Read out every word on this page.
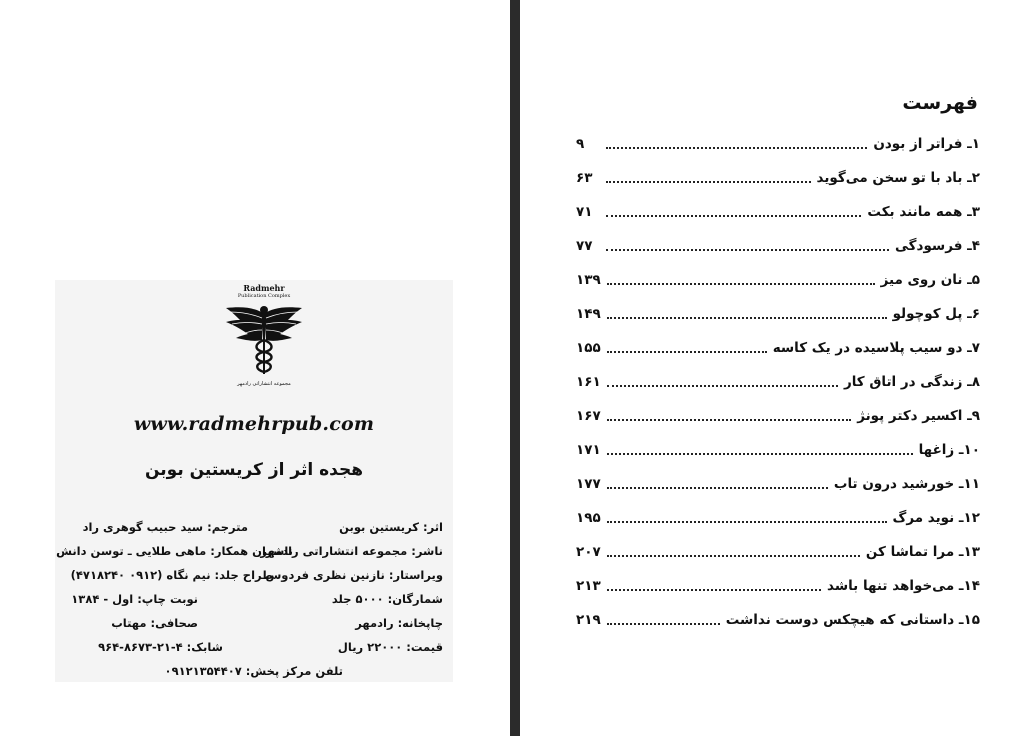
Radmehr
Publication Complex
مجموعه انتشاراتی رادمهر
www.radmehrpub.com
هجده اثر از کریستین بوبن
اثر: کریستین بوبن
ناشر: مجموعه انتشاراتی رادمهر
ویراستار: نازنین نظری فردوس
شمارگان: ۵۰۰۰ جلد
چاپخانه: رادمهر
قیمت: ۲۲۰۰۰ ریال
مترجم: سید حبیب گوهری راد
ناشران همکار: ماهی طلایی ـ توسن دانش
طراح جلد: نیم نگاه (۰۹۱۲ ۴۷۱۸۲۴۰)
نوبت چاپ: اول - ۱۳۸۴
صحافی: مهتاب
شابک: ۴-۲۱-۸۶۷۳-۹۶۴
تلفن مرکز پخش: ۰۹۱۲۱۳۵۴۴۰۷
فهرست
۱ـ فراتر از بودن
۹
۲ـ باد با تو سخن می‌گوید
۶۳
۳ـ همه مانند بکت
۷۱
۴ـ فرسودگی
۷۷
۵ـ نان روی میز
۱۳۹
۶ـ پل کوچولو
۱۴۹
۷ـ دو سیب پلاسیده در یک کاسه
۱۵۵
۸ـ زندگی در اتاق کار
۱۶۱
۹ـ اکسیر دکتر پونژ
۱۶۷
۱۰ـ زاغها
۱۷۱
۱۱ـ خورشید درون تاب
۱۷۷
۱۲ـ نوید مرگ
۱۹۵
۱۳ـ مرا تماشا کن
۲۰۷
۱۴ـ می‌خواهد تنها باشد
۲۱۳
۱۵ـ داستانی که هیچکس دوست نداشت
۲۱۹
